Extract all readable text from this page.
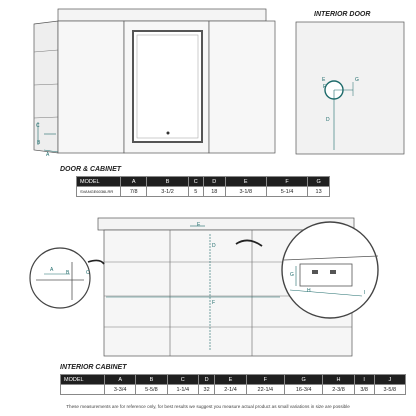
C
B
A
E
F
G
D
E
D
A	B	C
F
G
H	I
INTERIOR DOOR
DOOR & CABINET
INTERIOR CABINET
MODEL	A	B	C	D	E	F	G
SVANGE6036LRR	7/8	3-1/2	5	18	3-1/8	5-1/4	13
MODEL	A	B	C	D	E	F	G	H	I	J
	3-3/4	5-5/8	1-1/4	32	2-1/4	22-1/4	16-3/4	2-3/8	3/8	3-5/8
These measurements are for reference only, for best results we suggest you measure actual product as small variations in size are possible
